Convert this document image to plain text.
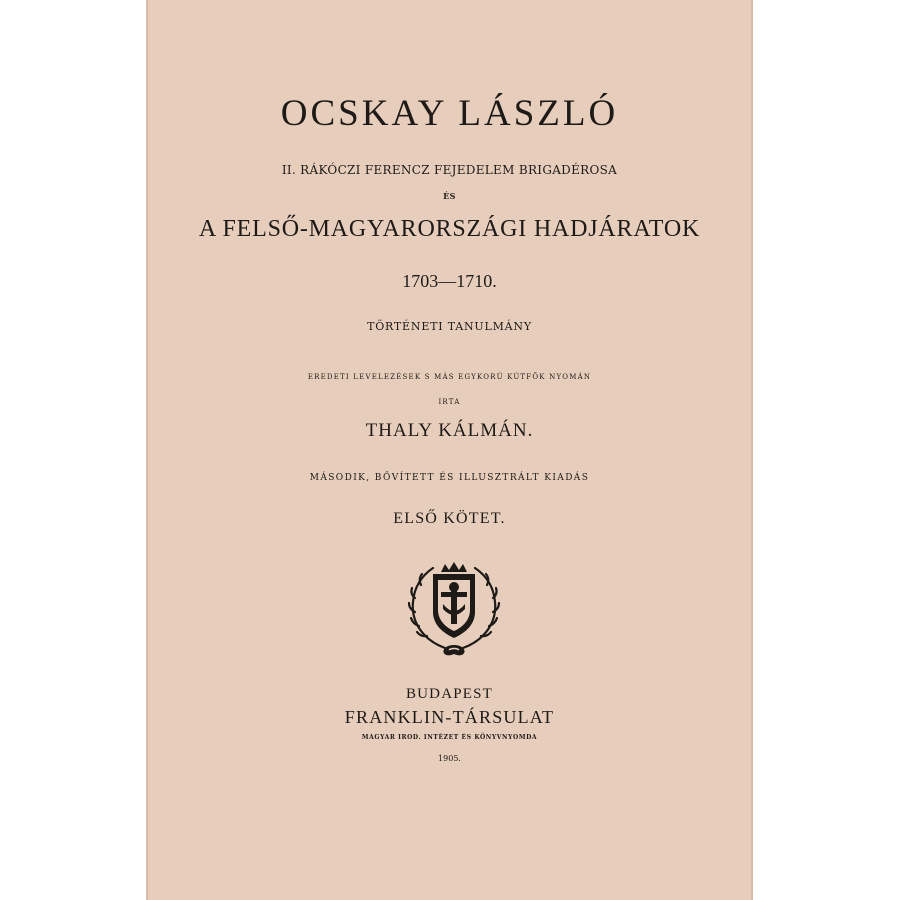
OCSKAY LÁSZLÓ

II. RÁKÓCZI FERENCZ FEJEDELEM BRIGADÉROSA

ÉS

A FELSŐ-MAGYARORSZÁGI HADJÁRATOK

1703—1710.

TÖRTÉNETI TANULMÁNY

EREDETI LEVELEZÉSEK S MÁS EGYKORÚ KÚTFŐK NYOMÁN

IRTA

THALY KÁLMÁN.

MÁSODIK, BŐVÍTETT ÉS ILLUSZTRÁLT KIADÁS

ELSŐ KÖTET.

BUDAPEST

FRANKLIN-TÁRSULAT

MAGYAR IROD. INTÉZET ÉS KÖNYVNYOMDA

1905.
